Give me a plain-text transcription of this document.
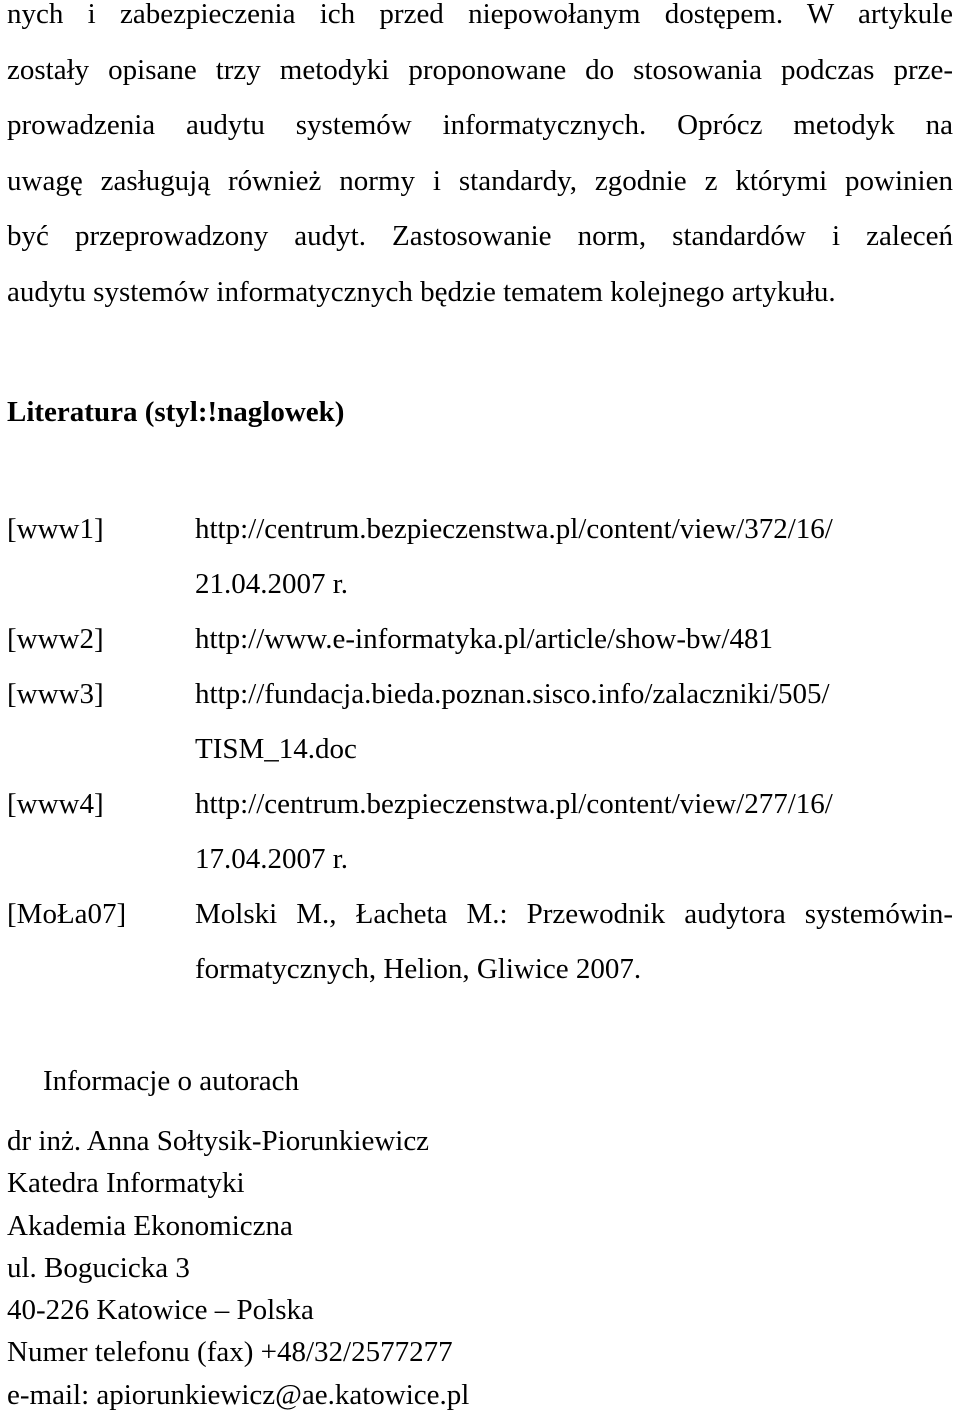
nych i zabezpieczenia ich przed niepowołanym dostępem. W artykule
zostały opisane trzy metodyki proponowane do stosowania podczas prze-
prowadzenia audytu systemów informatycznych. Oprócz metodyk na
uwagę zasługują również normy i standardy, zgodnie z którymi powinien
być przeprowadzony audyt. Zastosowanie norm, standardów i zaleceń
audytu systemów informatycznych będzie tematem kolejnego artykułu.

Literatura (styl:!naglowek)
[www1]	http://centrum.bezpieczenstwa.pl/content/view/372/16/
21.04.2007 r.
[www2]	http://www.e-informatyka.pl/article/show-bw/481
[www3]	http://fundacja.bieda.poznan.sisco.info/zalaczniki/505/
TISM_14.doc
[www4]	http://centrum.bezpieczenstwa.pl/content/view/277/16/
17.04.2007 r.
[MoŁa07] Molski M., Łacheta M.: Przewodnik audytora systemówin-
formatycznych, Helion, Gliwice 2007.
Informacje o autorach
dr inż. Anna Sołtysik-Piorunkiewicz
Katedra Informatyki
Akademia Ekonomiczna
ul. Bogucicka 3
40-226 Katowice – Polska
Numer telefonu (fax) +48/32/2577277
e-mail: apiorunkiewicz@ae.katowice.pl
